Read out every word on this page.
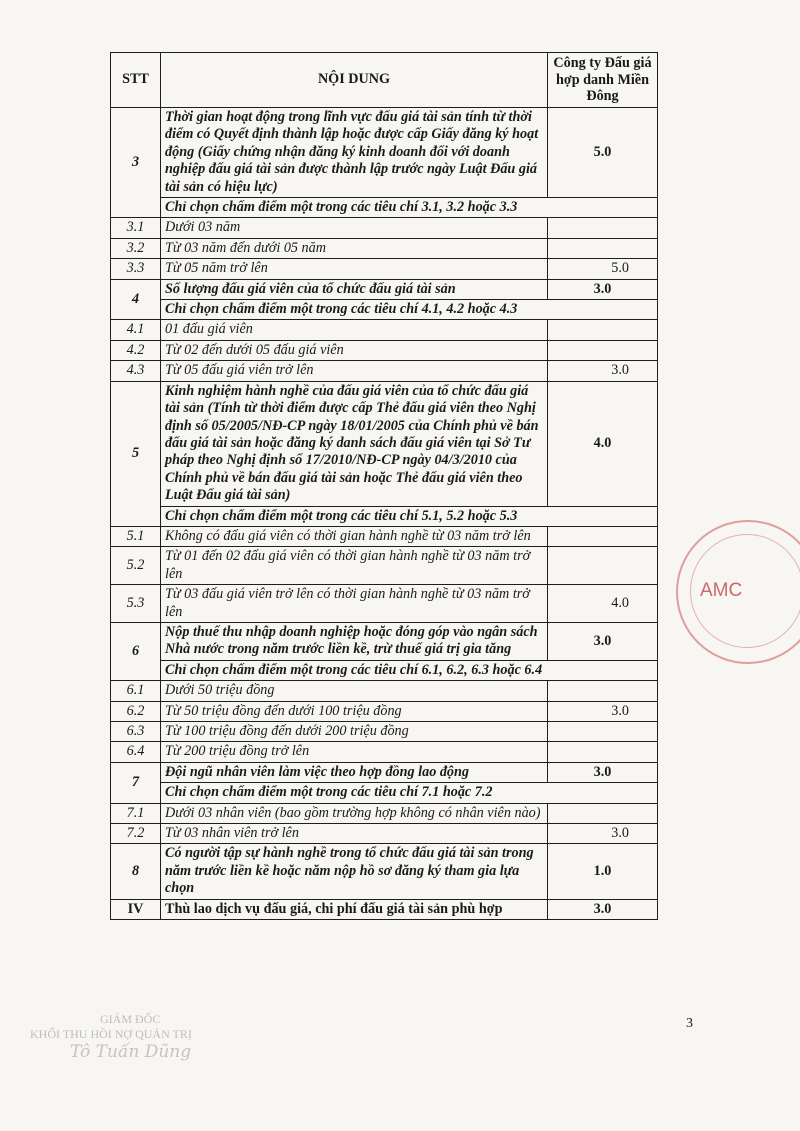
STT	NỘI DUNG	Công ty Đấu giá hợp danh Miền Đông
3	Thời gian hoạt động trong lĩnh vực đấu giá tài sản tính từ thời điểm có Quyết định thành lập hoặc được cấp Giấy đăng ký hoạt động (Giấy chứng nhận đăng ký kinh doanh đối với doanh nghiệp đấu giá tài sản được thành lập trước ngày Luật Đấu giá tài sản có hiệu lực)	5.0
	Chỉ chọn chấm điểm một trong các tiêu chí 3.1, 3.2 hoặc 3.3	
3.1	Dưới 03 năm	
3.2	Từ 03 năm đến dưới 05 năm	
3.3	Từ 05 năm trở lên	5.0
4	Số lượng đấu giá viên của tổ chức đấu giá tài sản	3.0
	Chỉ chọn chấm điểm một trong các tiêu chí 4.1, 4.2 hoặc 4.3	
4.1	01 đấu giá viên	
4.2	Từ 02 đến dưới 05 đấu giá viên	
4.3	Từ 05 đấu giá viên trở lên	3.0
5	Kinh nghiệm hành nghề của đấu giá viên của tổ chức đấu giá tài sản (Tính từ thời điểm được cấp Thẻ đấu giá viên theo Nghị định số 05/2005/NĐ-CP ngày 18/01/2005 của Chính phủ về bán đấu giá tài sản hoặc đăng ký danh sách đấu giá viên tại Sở Tư pháp theo Nghị định số 17/2010/NĐ-CP ngày 04/3/2010 của Chính phủ về bán đấu giá tài sản hoặc Thẻ đấu giá viên theo Luật Đấu giá tài sản)	4.0
	Chỉ chọn chấm điểm một trong các tiêu chí 5.1, 5.2 hoặc 5.3	
5.1	Không có đấu giá viên có thời gian hành nghề từ 03 năm trở lên	
5.2	Từ 01 đến 02 đấu giá viên có thời gian hành nghề từ 03 năm trở lên	
5.3	Từ 03 đấu giá viên trở lên có thời gian hành nghề từ 03 năm trở lên	4.0
6	Nộp thuế thu nhập doanh nghiệp hoặc đóng góp vào ngân sách Nhà nước trong năm trước liền kề, trừ thuế giá trị gia tăng	3.0
	Chỉ chọn chấm điểm một trong các tiêu chí 6.1, 6.2, 6.3 hoặc 6.4	
6.1	Dưới 50 triệu đồng	
6.2	Từ 50 triệu đồng đến dưới 100 triệu đồng	3.0
6.3	Từ 100 triệu đồng đến dưới 200 triệu đồng	
6.4	Từ 200 triệu đồng trở lên	
7	Đội ngũ nhân viên làm việc theo hợp đồng lao động	3.0
	Chỉ chọn chấm điểm một trong các tiêu chí 7.1 hoặc 7.2	
7.1	Dưới 03 nhân viên (bao gồm trường hợp không có nhân viên nào)	
7.2	Từ 03 nhân viên trở lên	3.0
8	Có người tập sự hành nghề trong tổ chức đấu giá tài sản trong năm trước liền kề hoặc năm nộp hồ sơ đăng ký tham gia lựa chọn	1.0
IV	Thù lao dịch vụ đấu giá, chi phí đấu giá tài sản phù hợp	3.0
AMC
3
GIÁM ĐỐC
KHỐI THU HỒI NỢ QUẢN TRỊ
Tô Tuấn Dũng
